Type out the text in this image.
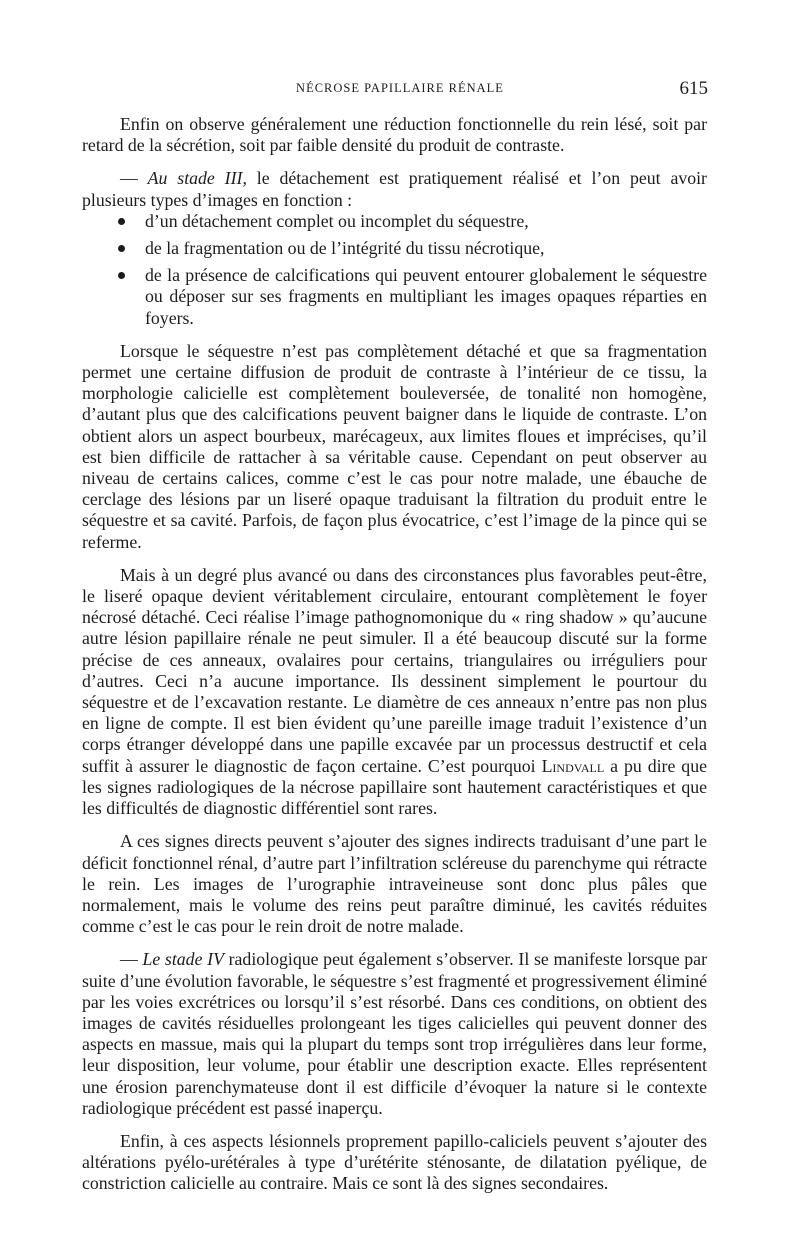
NÉCROSE PAPILLAIRE RÉNALE	615

Enfin on observe généralement une réduction fonctionnelle du rein lésé, soit par retard de la sécrétion, soit par faible densité du produit de contraste.

— Au stade III, le détachement est pratiquement réalisé et l’on peut avoir plusieurs types d’images en fonction :

d’un détachement complet ou incomplet du séquestre,
de la fragmentation ou de l’intégrité du tissu nécrotique,
de la présence de calcifications qui peuvent entourer globalement le séquestre ou déposer sur ses fragments en multipliant les images opaques réparties en foyers.

Lorsque le séquestre n’est pas complètement détaché et que sa fragmentation permet une certaine diffusion de produit de contraste à l’intérieur de ce tissu, la morphologie calicielle est complètement bouleversée, de tonalité non homogène, d’autant plus que des calcifications peuvent baigner dans le liquide de contraste. L’on obtient alors un aspect bourbeux, marécageux, aux limites floues et imprécises, qu’il est bien difficile de rattacher à sa véritable cause. Cependant on peut observer au niveau de certains calices, comme c’est le cas pour notre malade, une ébauche de cerclage des lésions par un liseré opaque traduisant la filtration du produit entre le séquestre et sa cavité. Parfois, de façon plus évocatrice, c’est l’image de la pince qui se referme.

Mais à un degré plus avancé ou dans des circonstances plus favorables peut-être, le liseré opaque devient véritablement circulaire, entourant complètement le foyer nécrosé détaché. Ceci réalise l’image pathognomonique du « ring shadow » qu’aucune autre lésion papillaire rénale ne peut simuler. Il a été beaucoup discuté sur la forme précise de ces anneaux, ovalaires pour certains, triangulaires ou irréguliers pour d’autres. Ceci n’a aucune importance. Ils dessinent simplement le pourtour du séquestre et de l’excavation restante. Le diamètre de ces anneaux n’entre pas non plus en ligne de compte. Il est bien évident qu’une pareille image traduit l’existence d’un corps étranger développé dans une papille excavée par un processus destructif et cela suffit à assurer le diagnostic de façon certaine. C’est pourquoi Lindvall a pu dire que les signes radiologiques de la nécrose papillaire sont hautement caractéristiques et que les difficultés de diagnostic différentiel sont rares.

A ces signes directs peuvent s’ajouter des signes indirects traduisant d’une part le déficit fonctionnel rénal, d’autre part l’infiltration scléreuse du parenchyme qui rétracte le rein. Les images de l’urographie intraveineuse sont donc plus pâles que normalement, mais le volume des reins peut paraître diminué, les cavités réduites comme c’est le cas pour le rein droit de notre malade.

— Le stade IV radiologique peut également s’observer. Il se manifeste lorsque par suite d’une évolution favorable, le séquestre s’est fragmenté et progressivement éliminé par les voies excrétrices ou lorsqu’il s’est résorbé. Dans ces conditions, on obtient des images de cavités résiduelles prolongeant les tiges calicielles qui peuvent donner des aspects en massue, mais qui la plupart du temps sont trop irrégulières dans leur forme, leur disposition, leur volume, pour établir une description exacte. Elles représentent une érosion parenchymateuse dont il est difficile d’évoquer la nature si le contexte radiologique précédent est passé inaperçu.

Enfin, à ces aspects lésionnels proprement papillo-caliciels peuvent s’ajouter des altérations pyélo-urétérales à type d’urétérite sténosante, de dilatation pyélique, de constriction calicielle au contraire. Mais ce sont là des signes secondaires.
